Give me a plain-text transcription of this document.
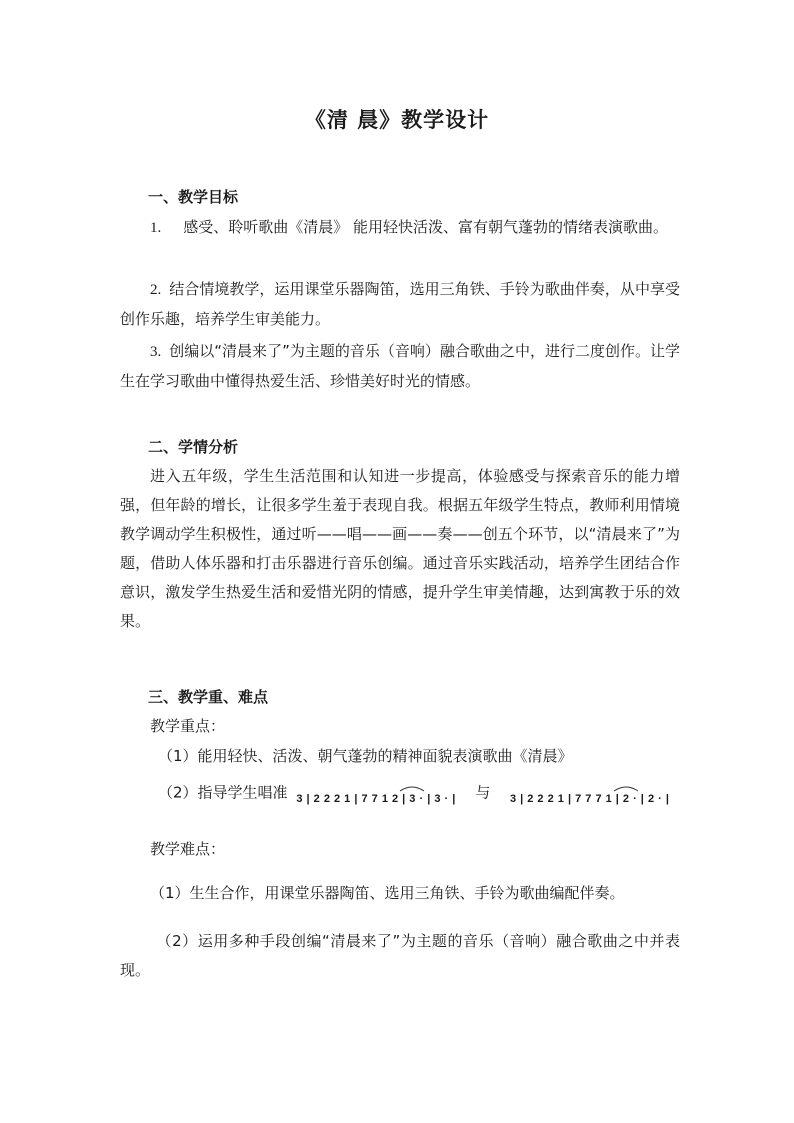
《清 晨》教学设计
一、教学目标
1. 感受、聆听歌曲《清晨》 能用轻快活泼、富有朝气蓬勃的情绪表演歌曲。
2. 结合情境教学，运用课堂乐器陶笛，选用三角铁、手铃为歌曲伴奏，从中享受创作乐趣，培养学生审美能力。
3. 创编以“清晨来了”为主题的音乐（音响）融合歌曲之中，进行二度创作。让学生在学习歌曲中懂得热爱生活、珍惜美好时光的情感。
二、学情分析
进入五年级，学生生活范围和认知进一步提高，体验感受与探索音乐的能力增强，但年龄的增长，让很多学生羞于表现自我。根据五年级学生特点，教师利用情境教学调动学生积极性，通过听——唱——画——奏——创五个环节，以“清晨来了”为题，借助人体乐器和打击乐器进行音乐创编。通过音乐实践活动，培养学生团结合作意识，激发学生热爱生活和爱惜光阴的情感，提升学生审美情趣，达到寓教于乐的效果。
三、教学重、难点
教学重点：
（1）能用轻快、活泼、朝气蓬勃的精神面貌表演歌曲《清晨》
（2）指导学生唱准 3 | 2 2 2 1 | 7 7 1 2 | 3 · | 3 · | 与 3 | 2 2 2 1 | 7 7 7 1 | 2 · | 2 · |
教学难点：
（1）生生合作，用课堂乐器陶笛、选用三角铁、手铃为歌曲编配伴奏。
（2）运用多种手段创编“清晨来了”为主题的音乐（音响）融合歌曲之中并表现。
